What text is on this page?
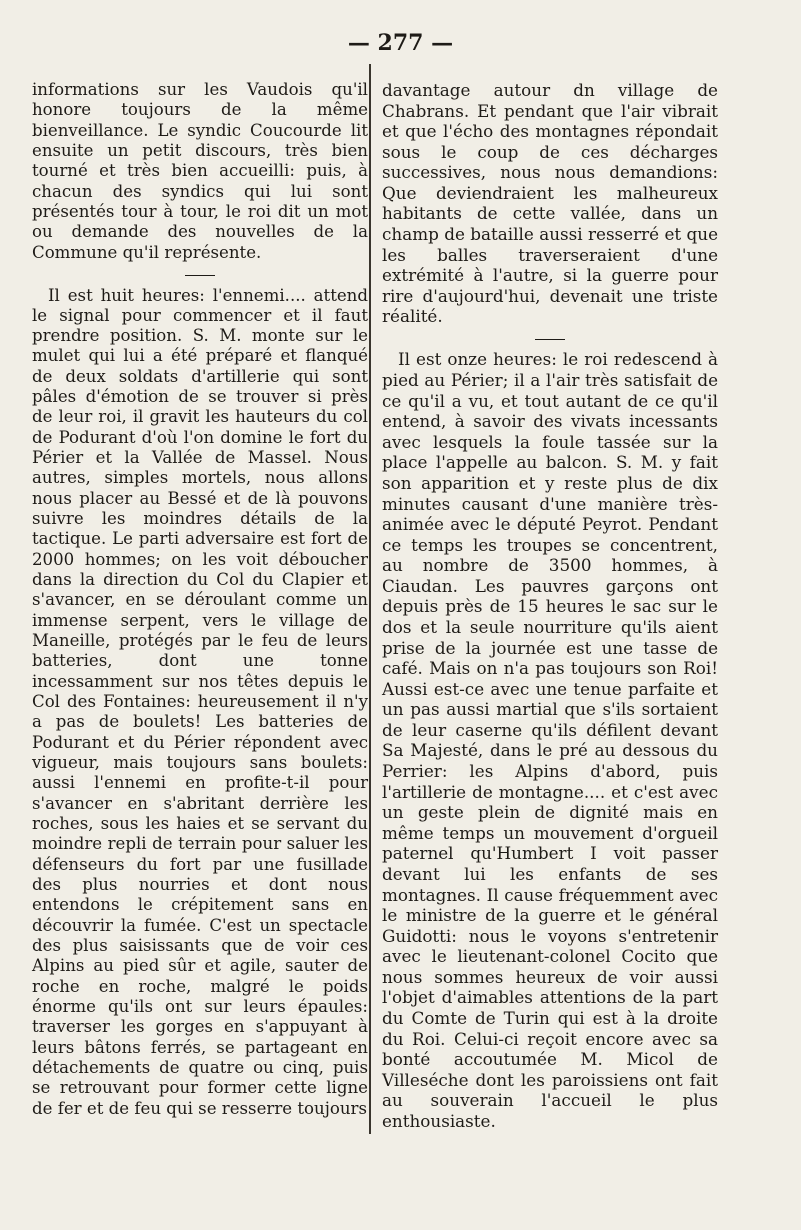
— 277 —

informations sur les Vaudois qu'il honore toujours de la même bienveillance. Le syndic Coucourde lit ensuite un petit discours, très bien tourné et très bien accueilli: puis, à chacun des syndics qui lui sont présentés tour à tour, le roi dit un mot ou demande des nouvelles de la Commune qu'il représente.

Il est huit heures: l'ennemi.... attend le signal pour commencer et il faut prendre position. S. M. monte sur le mulet qui lui a été préparé et flanqué de deux soldats d'artillerie qui sont pâles d'émotion de se trouver si près de leur roi, il gravit les hauteurs du col de Podurant d'où l'on domine le fort du Périer et la Vallée de Massel. Nous autres, simples mortels, nous allons nous placer au Bessé et de là pouvons suivre les moindres détails de la tactique. Le parti adversaire est fort de 2000 hommes; on les voit déboucher dans la direction du Col du Clapier et s'avancer, en se déroulant comme un immense serpent, vers le village de Maneille, protégés par le feu de leurs batteries, dont une tonne incessamment sur nos têtes depuis le Col des Fontaines: heureusement il n'y a pas de boulets! Les batteries de Podurant et du Périer répondent avec vigueur, mais toujours sans boulets: aussi l'ennemi en profite-t-il pour s'avancer en s'abritant derrière les roches, sous les haies et se servant du moindre repli de terrain pour saluer les défenseurs du fort par une fusillade des plus nourries et dont nous entendons le crépitement sans en découvrir la fumée. C'est un spectacle des plus saisissants que de voir ces Alpins au pied sûr et agile, sauter de roche en roche, malgré le poids énorme qu'ils ont sur leurs épaules: traverser les gorges en s'appuyant à leurs bâtons ferrés, se partageant en détachements de quatre ou cinq, puis se retrouvant pour former cette ligne de fer et de feu qui se resserre toujours

davantage autour dn village de Chabrans. Et pendant que l'air vibrait et que l'écho des montagnes répondait sous le coup de ces décharges successives, nous nous demandions: Que deviendraient les malheureux habitants de cette vallée, dans un champ de bataille aussi resserré et que les balles traverseraient d'une extrémité à l'autre, si la guerre pour rire d'aujourd'hui, devenait une triste réalité.

Il est onze heures: le roi redescend à pied au Périer; il a l'air très satisfait de ce qu'il a vu, et tout autant de ce qu'il entend, à savoir des vivats incessants avec lesquels la foule tassée sur la place l'appelle au balcon. S. M. y fait son apparition et y reste plus de dix minutes causant d'une manière très-animée avec le député Peyrot. Pendant ce temps les troupes se concentrent, au nombre de 3500 hommes, à Ciaudan. Les pauvres garçons ont depuis près de 15 heures le sac sur le dos et la seule nourriture qu'ils aient prise de la journée est une tasse de café. Mais on n'a pas toujours son Roi! Aussi est-ce avec une tenue parfaite et un pas aussi martial que s'ils sortaient de leur caserne qu'ils défilent devant Sa Majesté, dans le pré au dessous du Perrier: les Alpins d'abord, puis l'artillerie de montagne.... et c'est avec un geste plein de dignité mais en même temps un mouvement d'orgueil paternel qu'Humbert I voit passer devant lui les enfants de ses montagnes. Il cause fréquemment avec le ministre de la guerre et le général Guidotti: nous le voyons s'entretenir avec le lieutenant-colonel Cocito que nous sommes heureux de voir aussi l'objet d'aimables attentions de la part du Comte de Turin qui est à la droite du Roi. Celui-ci reçoit encore avec sa bonté accoutumée M. Micol de Villeséche dont les paroissiens ont fait au souverain l'accueil le plus enthousiaste.
